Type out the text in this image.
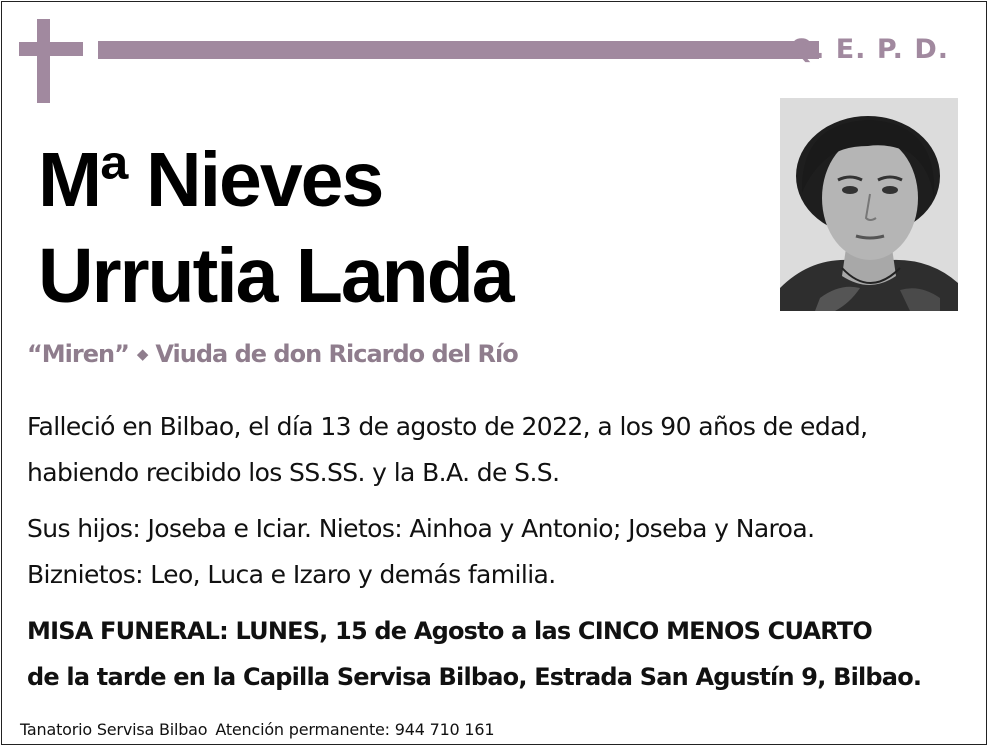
Q. E. P. D.
Mª Nieves
Urrutia Landa
“Miren” ◆ Viuda de don Ricardo del Río
Falleció en Bilbao, el día 13 de agosto de 2022, a los 90 años de edad,
habiendo recibido los SS.SS. y la B.A. de S.S.
Sus hijos: Joseba e Iciar. Nietos: Ainhoa y Antonio; Joseba y Naroa.
Biznietos: Leo, Luca e Izaro y demás familia.
MISA FUNERAL: LUNES, 15 de Agosto a las CINCO MENOS CUARTO
de la tarde en la Capilla Servisa Bilbao, Estrada San Agustín 9, Bilbao.
Tanatorio Servisa Bilbao Atención permanente: 944 710 161
